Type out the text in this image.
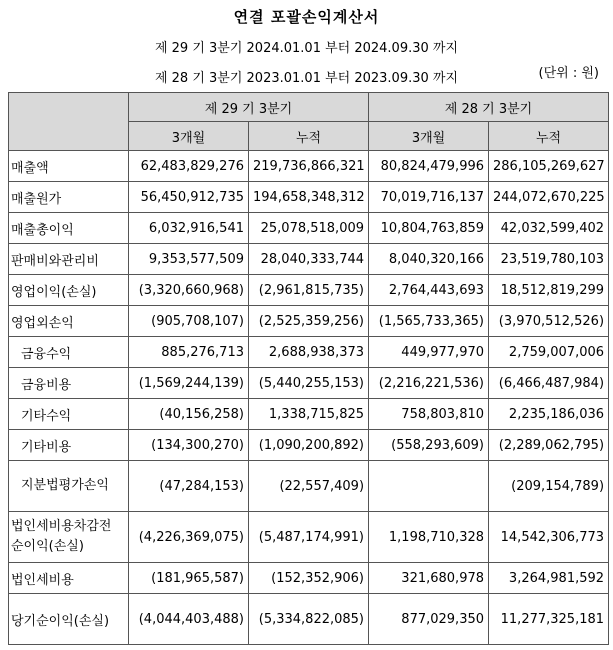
연결 포괄손익계산서
제 29 기 3분기 2024.01.01 부터 2024.09.30 까지
(단위 : 원)
제 28 기 3분기 2023.01.01 부터 2023.09.30 까지
	제 29 기 3분기		제 28 기 3분기	
	3개월	누적	3개월	누적
매출액	62,483,829,276	219,736,866,321	80,824,479,996	286,105,269,627
매출원가	56,450,912,735	194,658,348,312	70,019,716,137	244,072,670,225
매출총이익	6,032,916,541	25,078,518,009	10,804,763,859	42,032,599,402
판매비와관리비	9,353,577,509	28,040,333,744	8,040,320,166	23,519,780,103
영업이익(손실)	(3,320,660,968)	(2,961,815,735)	2,764,443,693	18,512,819,299
영업외손익	(905,708,107)	(2,525,359,256)	(1,565,733,365)	(3,970,512,526)
금융수익	885,276,713	2,688,938,373	449,977,970	2,759,007,006
금융비용	(1,569,244,139)	(5,440,255,153)	(2,216,221,536)	(6,466,487,984)
기타수익	(40,156,258)	1,338,715,825	758,803,810	2,235,186,036
기타비용	(134,300,270)	(1,090,200,892)	(558,293,609)	(2,289,062,795)
지분법평가손익	(47,284,153)	(22,557,409)		(209,154,789)
법인세비용차감전순이익(손실)	(4,226,369,075)	(5,487,174,991)	1,198,710,328	14,542,306,773
법인세비용	(181,965,587)	(152,352,906)	321,680,978	3,264,981,592
당기순이익(손실)	(4,044,403,488)	(5,334,822,085)	877,029,350	11,277,325,181
